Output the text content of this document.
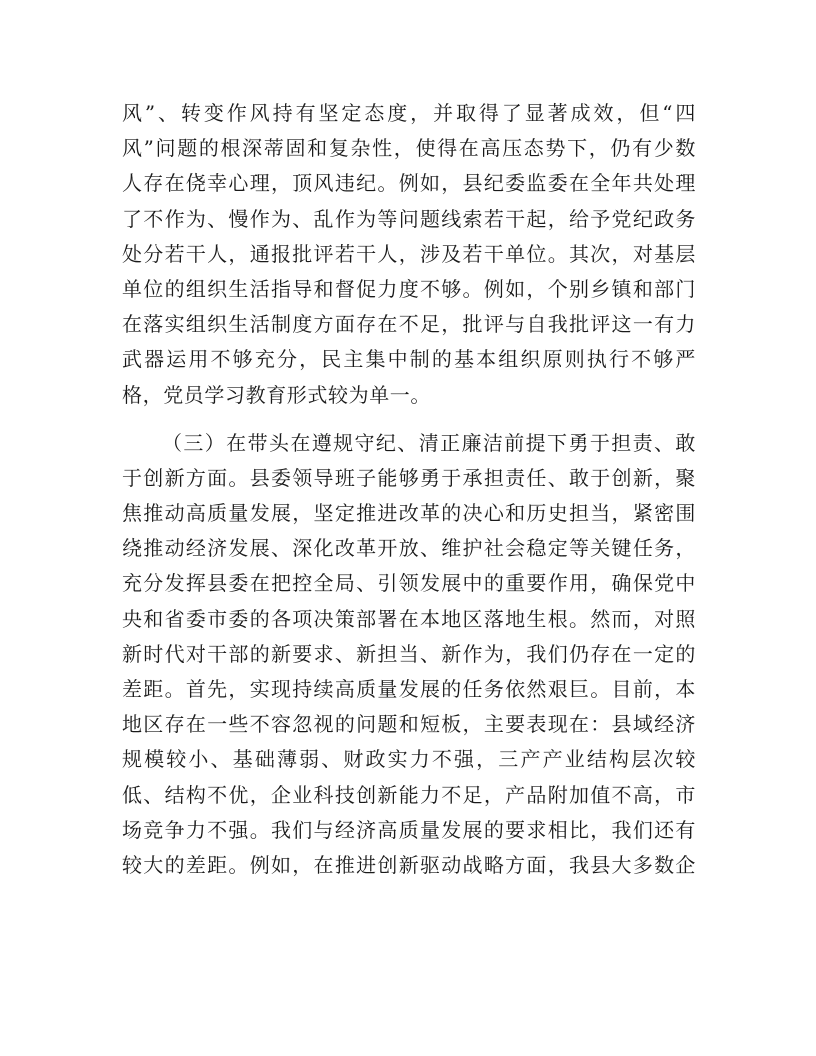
风”、转变作风持有坚定态度，并取得了显著成效，但“四
风”问题的根深蒂固和复杂性，使得在高压态势下，仍有少数
人存在侥幸心理，顶风违纪。例如，县纪委监委在全年共处理
了不作为、慢作为、乱作为等问题线索若干起，给予党纪政务
处分若干人，通报批评若干人，涉及若干单位。其次，对基层
单位的组织生活指导和督促力度不够。例如，个别乡镇和部门
在落实组织生活制度方面存在不足，批评与自我批评这一有力
武器运用不够充分，民主集中制的基本组织原则执行不够严
格，党员学习教育形式较为单一。
（三）在带头在遵规守纪、清正廉洁前提下勇于担责、敢
于创新方面。县委领导班子能够勇于承担责任、敢于创新，聚
焦推动高质量发展，坚定推进改革的决心和历史担当，紧密围
绕推动经济发展、深化改革开放、维护社会稳定等关键任务，
充分发挥县委在把控全局、引领发展中的重要作用，确保党中
央和省委市委的各项决策部署在本地区落地生根。然而，对照
新时代对干部的新要求、新担当、新作为，我们仍存在一定的
差距。首先，实现持续高质量发展的任务依然艰巨。目前，本
地区存在一些不容忽视的问题和短板，主要表现在：县域经济
规模较小、基础薄弱、财政实力不强，三产产业结构层次较
低、结构不优，企业科技创新能力不足，产品附加值不高，市
场竞争力不强。我们与经济高质量发展的要求相比，我们还有
较大的差距。例如，在推进创新驱动战略方面，我县大多数企
